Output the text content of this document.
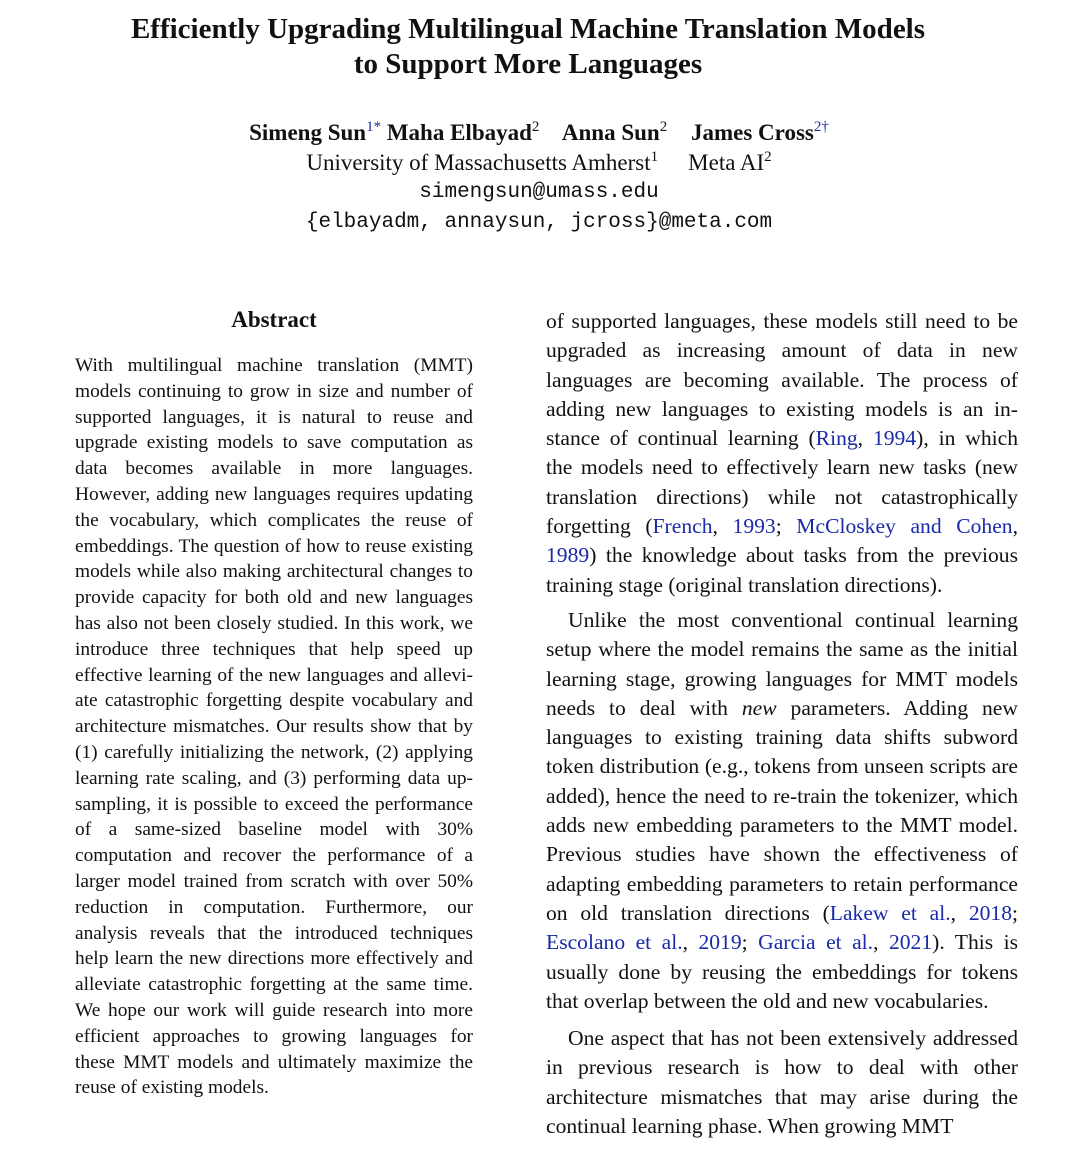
Efficiently Upgrading Multilingual Machine Translation Models
to Support More Languages
Simeng Sun$^{1*}$ Maha Elbayad$^2$ Anna Sun$^2$ James Cross$^{2\dagger}$
University of Massachusetts Amherst$^1$ Meta $AI^2$
simengsun@umass.edu
{elbayadm, annaysun, jcross}@meta.com
Abstract
With multilingual machine translation (MMT) models continuing to grow in size and number of supported languages, it is natural to reuse and upgrade existing models to save computation as data becomes available in more languages. However, adding new languages requires updating the vocabulary, which complicates the reuse of embeddings. The question of how to reuse existing models while also making architectural changes to provide capacity for both old and new languages has also not been closely studied. In this work, we introduce three techniques that help speed up effective learning of the new languages and alleviate catastrophic forgetting despite vocabulary and architecture mismatches. Our results show that by (1) carefully initializing the network, (2) applying learning rate scaling, and (3) performing data up-sampling, it is possible to exceed the performance of a same-sized baseline model with 30% computation and recover the performance of a larger model trained from scratch with over 50% reduction in computation. Furthermore, our analysis reveals that the introduced techniques help learn the new directions more effectively and alleviate catastrophic forgetting at the same time. We hope our work will guide research into more efficient approaches to growing languages for these MMT models and ultimately maximize the reuse of existing models.

of supported languages, these models still need to be upgraded as increasing amount of data in new languages are becoming available. The process of adding new languages to existing models is an instance of continual learning (Ring, 1994), in which the models need to effectively learn new tasks (new translation directions) while not catastrophically forgetting (French, 1993; McCloskey and Cohen, 1989) the knowledge about tasks from the previous training stage (original translation directions).

Unlike the most conventional continual learning setup where the model remains the same as the initial learning stage, growing languages for MMT models needs to deal with new parameters. Adding new languages to existing training data shifts subword token distribution (e.g., tokens from unseen scripts are added), hence the need to re-train the tokenizer, which adds new embedding parameters to the MMT model. Previous studies have shown the effectiveness of adapting embedding parameters to retain performance on old translation directions (Lakew et al., 2018; Escolano et al., 2019; Garcia et al., 2021). This is usually done by reusing the embeddings for tokens that overlap between the old and new vocabularies.

One aspect that has not been extensively addressed in previous research is how to deal with other architecture mismatches that may arise during the continual learning phase. When growing MMT
